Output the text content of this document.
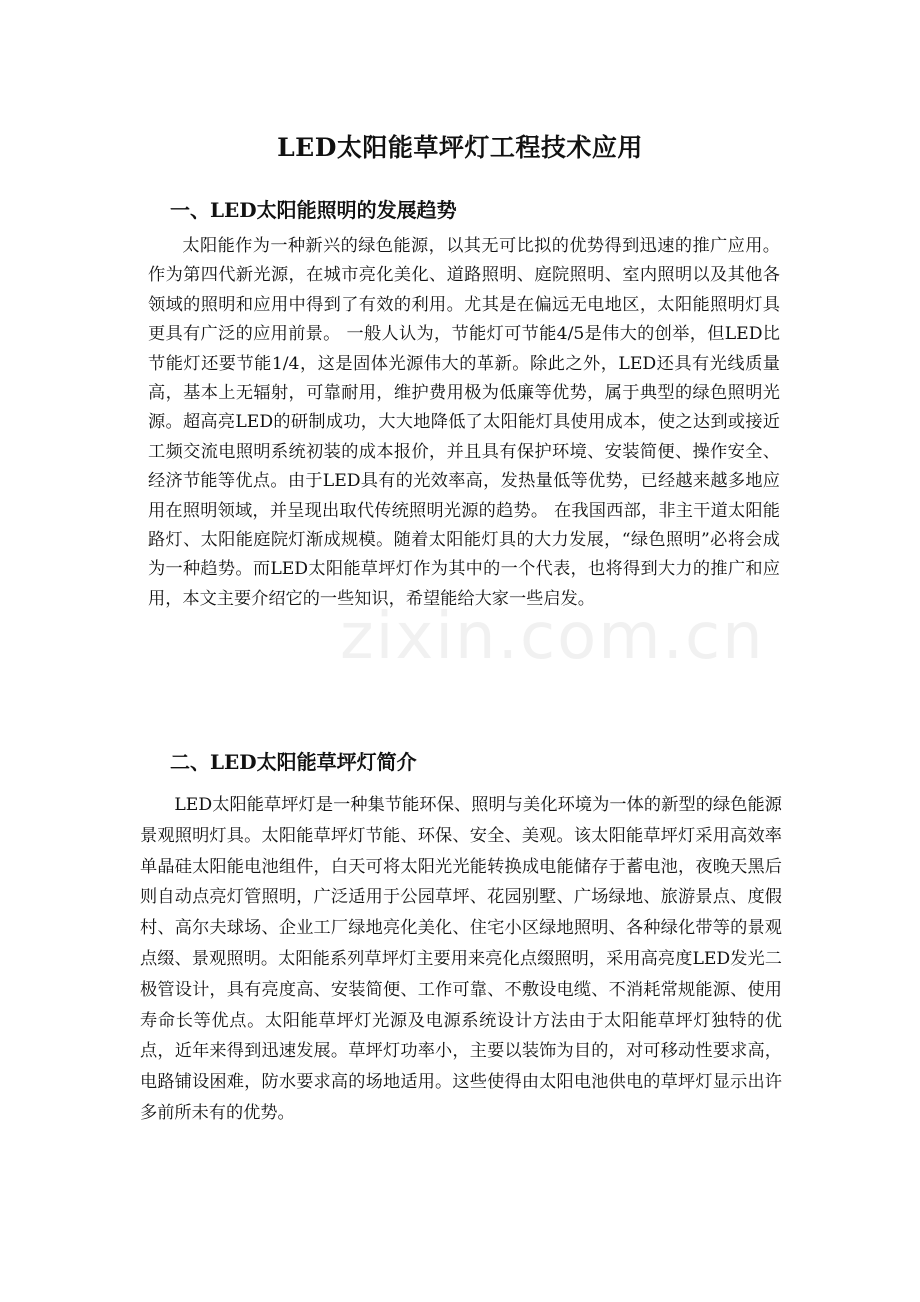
LED太阳能草坪灯工程技术应用
一、LED太阳能照明的发展趋势

太阳能作为一种新兴的绿色能源，以其无可比拟的优势得到迅速的推广应用。作为第四代新光源，在城市亮化美化、道路照明、庭院照明、室内照明以及其他各领域的照明和应用中得到了有效的利用。尤其是在偏远无电地区，太阳能照明灯具更具有广泛的应用前景。 一般人认为，节能灯可节能4/5是伟大的创举，但LED比节能灯还要节能1/4，这是固体光源伟大的革新。除此之外，LED还具有光线质量高，基本上无辐射，可靠耐用，维护费用极为低廉等优势，属于典型的绿色照明光源。超高亮LED的研制成功，大大地降低了太阳能灯具使用成本，使之达到或接近工频交流电照明系统初装的成本报价，并且具有保护环境、安装简便、操作安全、经济节能等优点。由于LED具有的光效率高，发热量低等优势，已经越来越多地应用在照明领域，并呈现出取代传统照明光源的趋势。 在我国西部，非主干道太阳能路灯、太阳能庭院灯渐成规模。随着太阳能灯具的大力发展，“绿色照明”必将会成为一种趋势。而LED太阳能草坪灯作为其中的一个代表，也将得到大力的推广和应用，本文主要介绍它的一些知识，希望能给大家一些启发。

二、LED太阳能草坪灯简介

LED太阳能草坪灯是一种集节能环保、照明与美化环境为一体的新型的绿色能源景观照明灯具。太阳能草坪灯节能、环保、安全、美观。该太阳能草坪灯采用高效率单晶硅太阳能电池组件，白天可将太阳光光能转换成电能储存于蓄电池，夜晚天黑后则自动点亮灯管照明，广泛适用于公园草坪、花园别墅、广场绿地、旅游景点、度假村、高尔夫球场、企业工厂绿地亮化美化、住宅小区绿地照明、各种绿化带等的景观点缀、景观照明。太阳能系列草坪灯主要用来亮化点缀照明，采用高亮度LED发光二极管设计，具有亮度高、安装简便、工作可靠、不敷设电缆、不消耗常规能源、使用寿命长等优点。太阳能草坪灯光源及电源系统设计方法由于太阳能草坪灯独特的优点，近年来得到迅速发展。草坪灯功率小，主要以装饰为目的，对可移动性要求高，电路铺设困难，防水要求高的场地适用。这些使得由太阳电池供电的草坪灯显示出许多前所未有的优势。

zixin.com.cn
